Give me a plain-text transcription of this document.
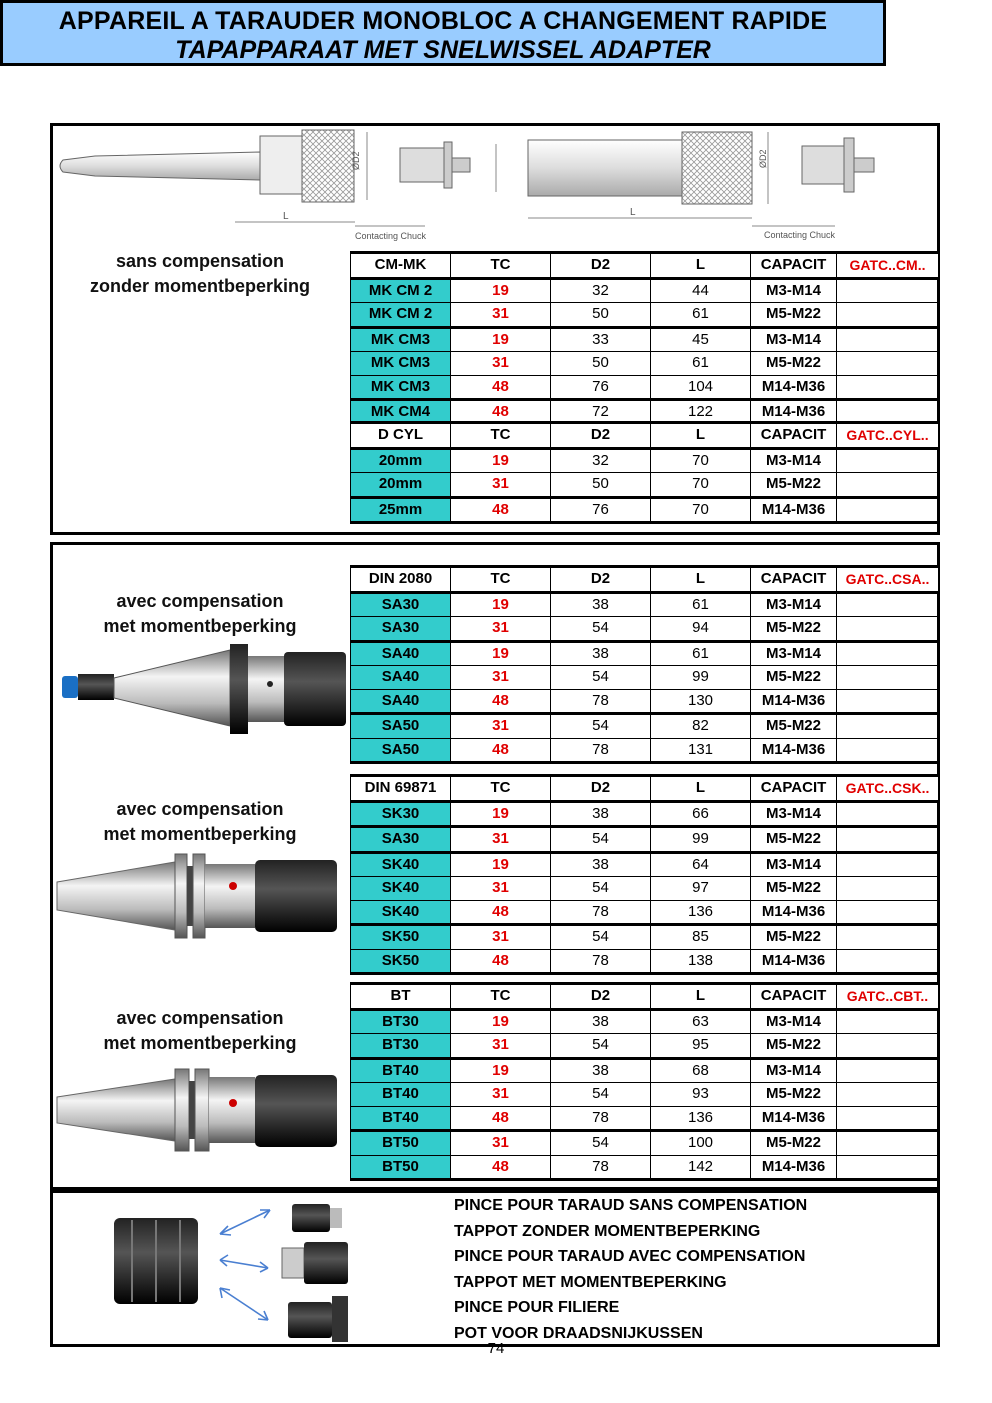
APPAREIL A TARAUDER MONOBLOC A CHANGEMENT RAPIDE
TAPAPPARAAT MET SNELWISSEL ADAPTER
ØD2
L
Contacting Chuck
ØD2
L
Contacting Chuck
sans compensation
zonder momentbeperking
CM-MK	TC	D2	L	CAPACIT	GATC..CM..
MK CM 2	19	32	44	M3-M14	
MK CM 2	31	50	61	M5-M22	
MK CM3	19	33	45	M3-M14	
MK CM3	31	50	61	M5-M22	
MK CM3	48	76	104	M14-M36	
MK CM4	48	72	122	M14-M36	
D CYL	TC	D2	L	CAPACIT	GATC..CYL..
20mm	19	32	70	M3-M14	
20mm	31	50	70	M5-M22	
25mm	48	76	70	M14-M36	
avec compensation
met momentbeperking
DIN 2080	TC	D2	L	CAPACIT	GATC..CSA..
SA30	19	38	61	M3-M14	
SA30	31	54	94	M5-M22	
SA40	19	38	61	M3-M14	
SA40	31	54	99	M5-M22	
SA40	48	78	130	M14-M36	
SA50	31	54	82	M5-M22	
SA50	48	78	131	M14-M36	
avec compensation
met momentbeperking
DIN 69871	TC	D2	L	CAPACIT	GATC..CSK..
SK30	19	38	66	M3-M14	
SA30	31	54	99	M5-M22	
SK40	19	38	64	M3-M14	
SK40	31	54	97	M5-M22	
SK40	48	78	136	M14-M36	
SK50	31	54	85	M5-M22	
SK50	48	78	138	M14-M36	
avec compensation
met momentbeperking
BT	TC	D2	L	CAPACIT	GATC..CBT..
BT30	19	38	63	M3-M14	
BT30	31	54	95	M5-M22	
BT40	19	38	68	M3-M14	
BT40	31	54	93	M5-M22	
BT40	48	78	136	M14-M36	
BT50	31	54	100	M5-M22	
BT50	48	78	142	M14-M36	
PINCE POUR TARAUD SANS COMPENSATION
TAPPOT ZONDER MOMENTBEPERKING
PINCE POUR TARAUD AVEC COMPENSATION
TAPPOT MET MOMENTBEPERKING
PINCE POUR FILIERE
POT VOOR DRAADSNIJKUSSEN
74
